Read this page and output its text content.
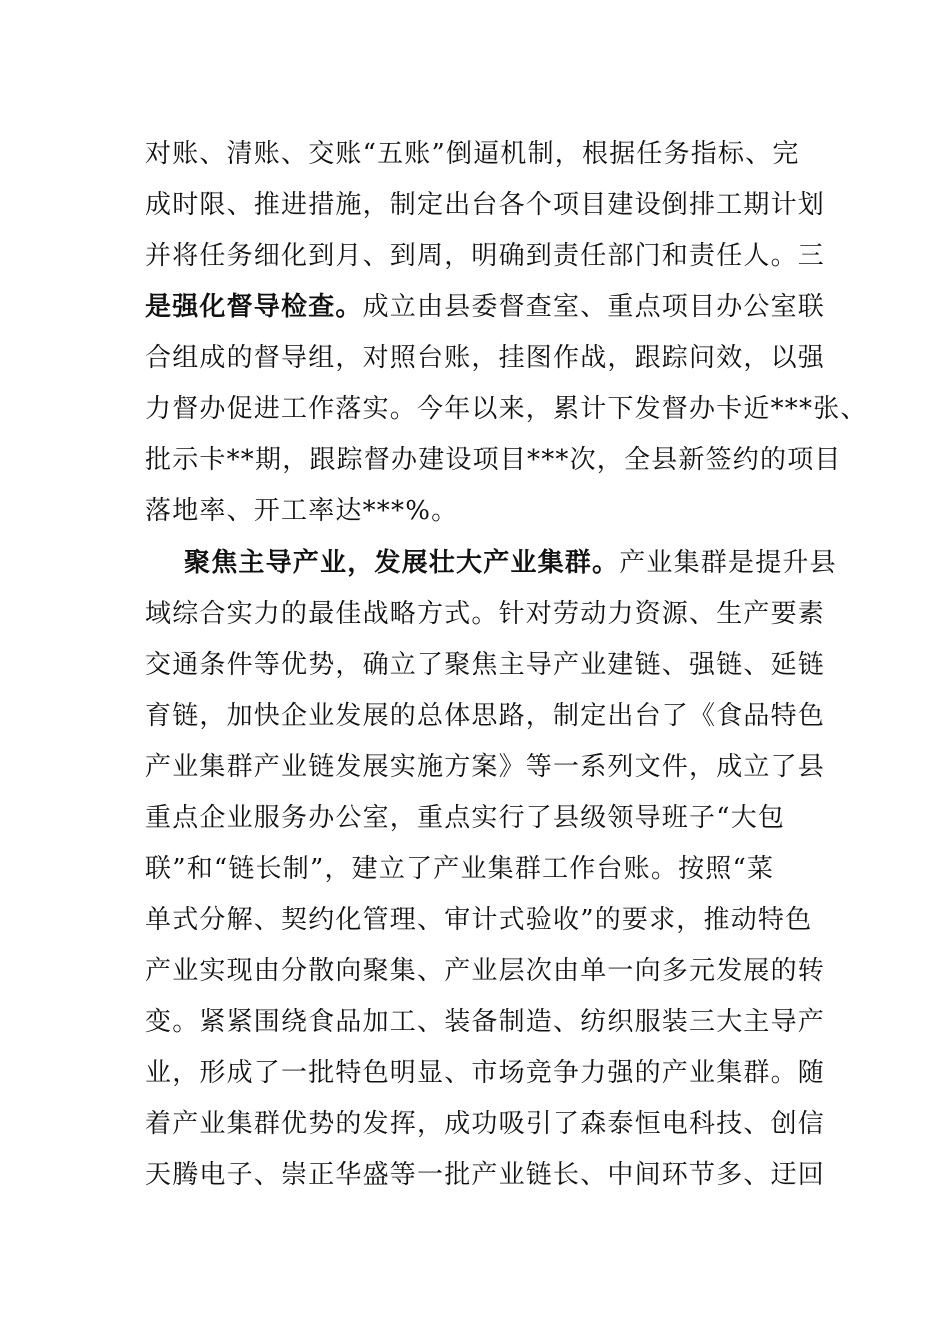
对账、清账、交账“五账”倒逼机制，根据任务指标、完
成时限、推进措施，制定出台各个项目建设倒排工期计划
并将任务细化到月、到周，明确到责任部门和责任人。三
是强化督导检查。成立由县委督查室、重点项目办公室联
合组成的督导组，对照台账，挂图作战，跟踪问效，以强
力督办促进工作落实。今年以来，累计下发督办卡近***张、
批示卡**期，跟踪督办建设项目***次，全县新签约的项目
落地率、开工率达***%。
聚焦主导产业，发展壮大产业集群。产业集群是提升县
域综合实力的最佳战略方式。针对劳动力资源、生产要素
交通条件等优势，确立了聚焦主导产业建链、强链、延链
育链，加快企业发展的总体思路，制定出台了《食品特色
产业集群产业链发展实施方案》等一系列文件，成立了县
重点企业服务办公室，重点实行了县级领导班子“大包
联”和“链长制”，建立了产业集群工作台账。按照“菜
单式分解、契约化管理、审计式验收”的要求，推动特色
产业实现由分散向聚集、产业层次由单一向多元发展的转
变。紧紧围绕食品加工、装备制造、纺织服装三大主导产
业，形成了一批特色明显、市场竞争力强的产业集群。随
着产业集群优势的发挥，成功吸引了森泰恒电科技、创信
天腾电子、崇正华盛等一批产业链长、中间环节多、迂回
